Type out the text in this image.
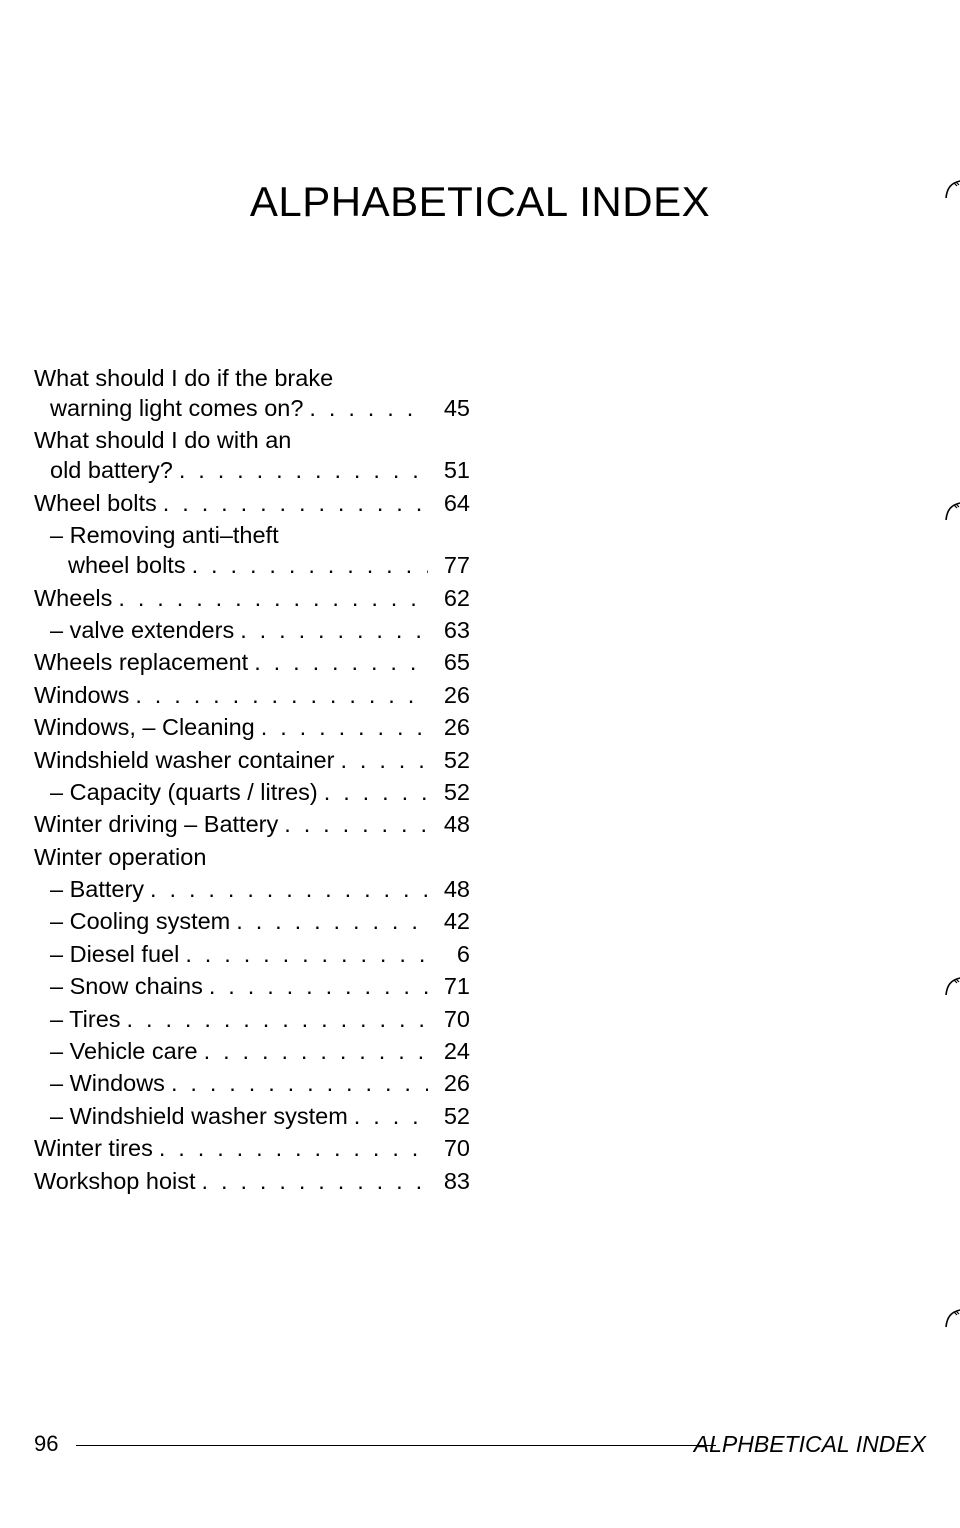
ALPHABETICAL INDEX
What should I do if the brake
warning light comes on? . . .	45
What should I do with an
old battery? . . .	51
Wheel bolts . . .	64
– Removing anti–theft
wheel bolts . . .	77
Wheels . . .	62
– valve extenders . . .	63
Wheels replacement . . .	65
Windows . . .	26
Windows, – Cleaning . . .	26
Windshield washer container . . .	52
– Capacity (quarts / litres) . . .	52
Winter driving – Battery . . .	48
Winter operation
– Battery . . .	48
– Cooling system . . .	42
– Diesel fuel . . .	6
– Snow chains . . .	71
– Tires . . .	70
– Vehicle care . . .	24
– Windows . . .	26
– Windshield washer system . . .	52
Winter tires . . .	70
Workshop hoist . . .	83
96	ALPHBETICAL INDEX
